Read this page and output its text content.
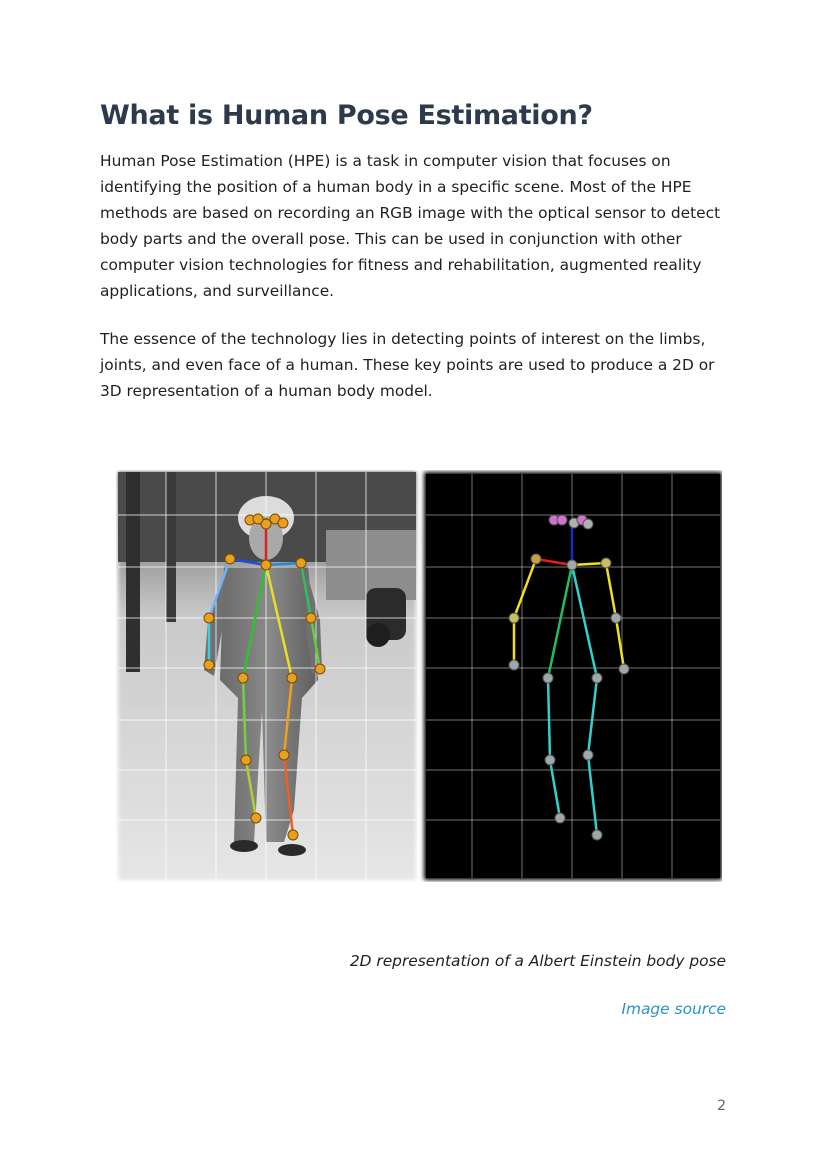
What is Human Pose Estimation?

Human Pose Estimation (HPE) is a task in computer vision that focuses on identifying the position of a human body in a specific scene. Most of the HPE methods are based on recording an RGB image with the optical sensor to detect body parts and the overall pose. This can be used in conjunction with other computer vision technologies for fitness and rehabilitation, augmented reality applications, and surveillance.

The essence of the technology lies in detecting points of interest on the limbs, joints, and even face of a human. These key points are used to produce a 2D or 3D representation of a human body model.

2D representation of a Albert Einstein body pose

Image source
2
